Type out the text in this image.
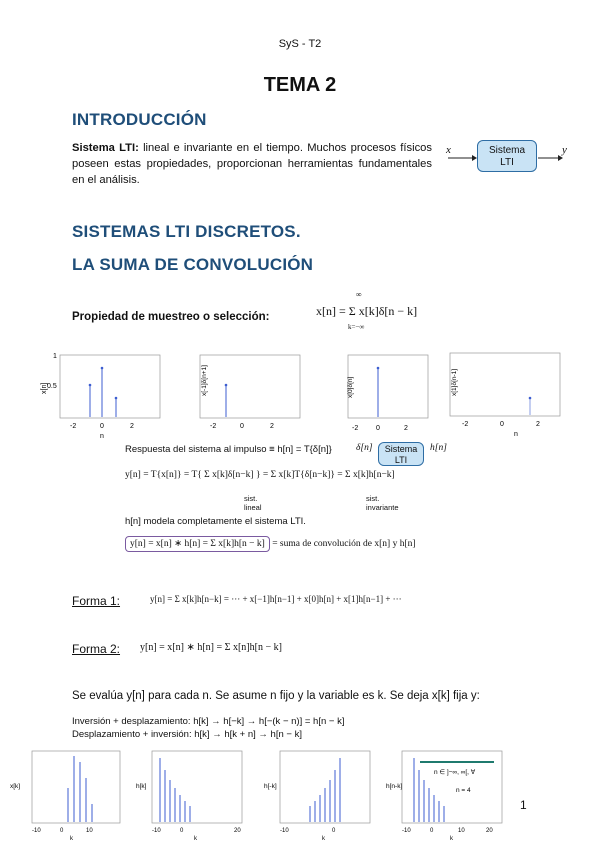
SyS - T2
TEMA 2
INTRODUCCIÓN
Sistema LTI: lineal e invariante en el tiempo. Muchos procesos físicos poseen estas propiedades, proporcionan herramientas fundamentales en el análisis.
x	Sistema
LTI
y
SISTEMAS LTI DISCRETOS.
LA SUMA DE CONVOLUCIÓN
Propiedad de muestreo o selección:
∞
x[n] = Σ x[k]δ[n − k]
k=−∞
x[n]
1
0.5
-2	0	2
n
x[-1]δ[n+1]
-2	0	2
x[0]δ[n]
-2	0	2
x[1]δ[n-1]
-2	0	2
n
Respuesta del sistema al impulso ≡ h[n] = T{δ[n]}	δ[n]	Sistema
LTI
h[n]
y[n] = T{x[n]} = T{ Σ x[k]δ[n−k] } = Σ x[k]T{δ[n−k]} = Σ x[k]h[n−k]
sist. lineal
sist. invariante
h[n] modela completamente el sistema LTI.
y[n] = x[n] ∗ h[n] = Σ x[k]h[n − k] = suma de convolución de x[n] y h[n]
Forma 1:	y[n] = Σ x[k]h[n−k] = ··· + x[−1]h[n−1] + x[0]h[n] + x[1]h[n−1] + ···
Forma 2: y[n] = x[n] ∗ h[n] = Σ x[n]h[n − k]
Se evalúa y[n] para cada n. Se asume n fijo y la variable es k. Se deja x[k] fija y:
Inversión + desplazamiento: h[k] → h[−k] → h[−(k − n)] = h[n − k]
Desplazamiento + inversión: h[k] → h[k + n] → h[n − k]
x[k]
-10	0	10
k
h[k]
-10	0	20
k
h[-k]
-10	0
k
h[n-k]
n ∈ ]−∞, ∞[, ∀
n = 4
-10	0	10	20
k
1
